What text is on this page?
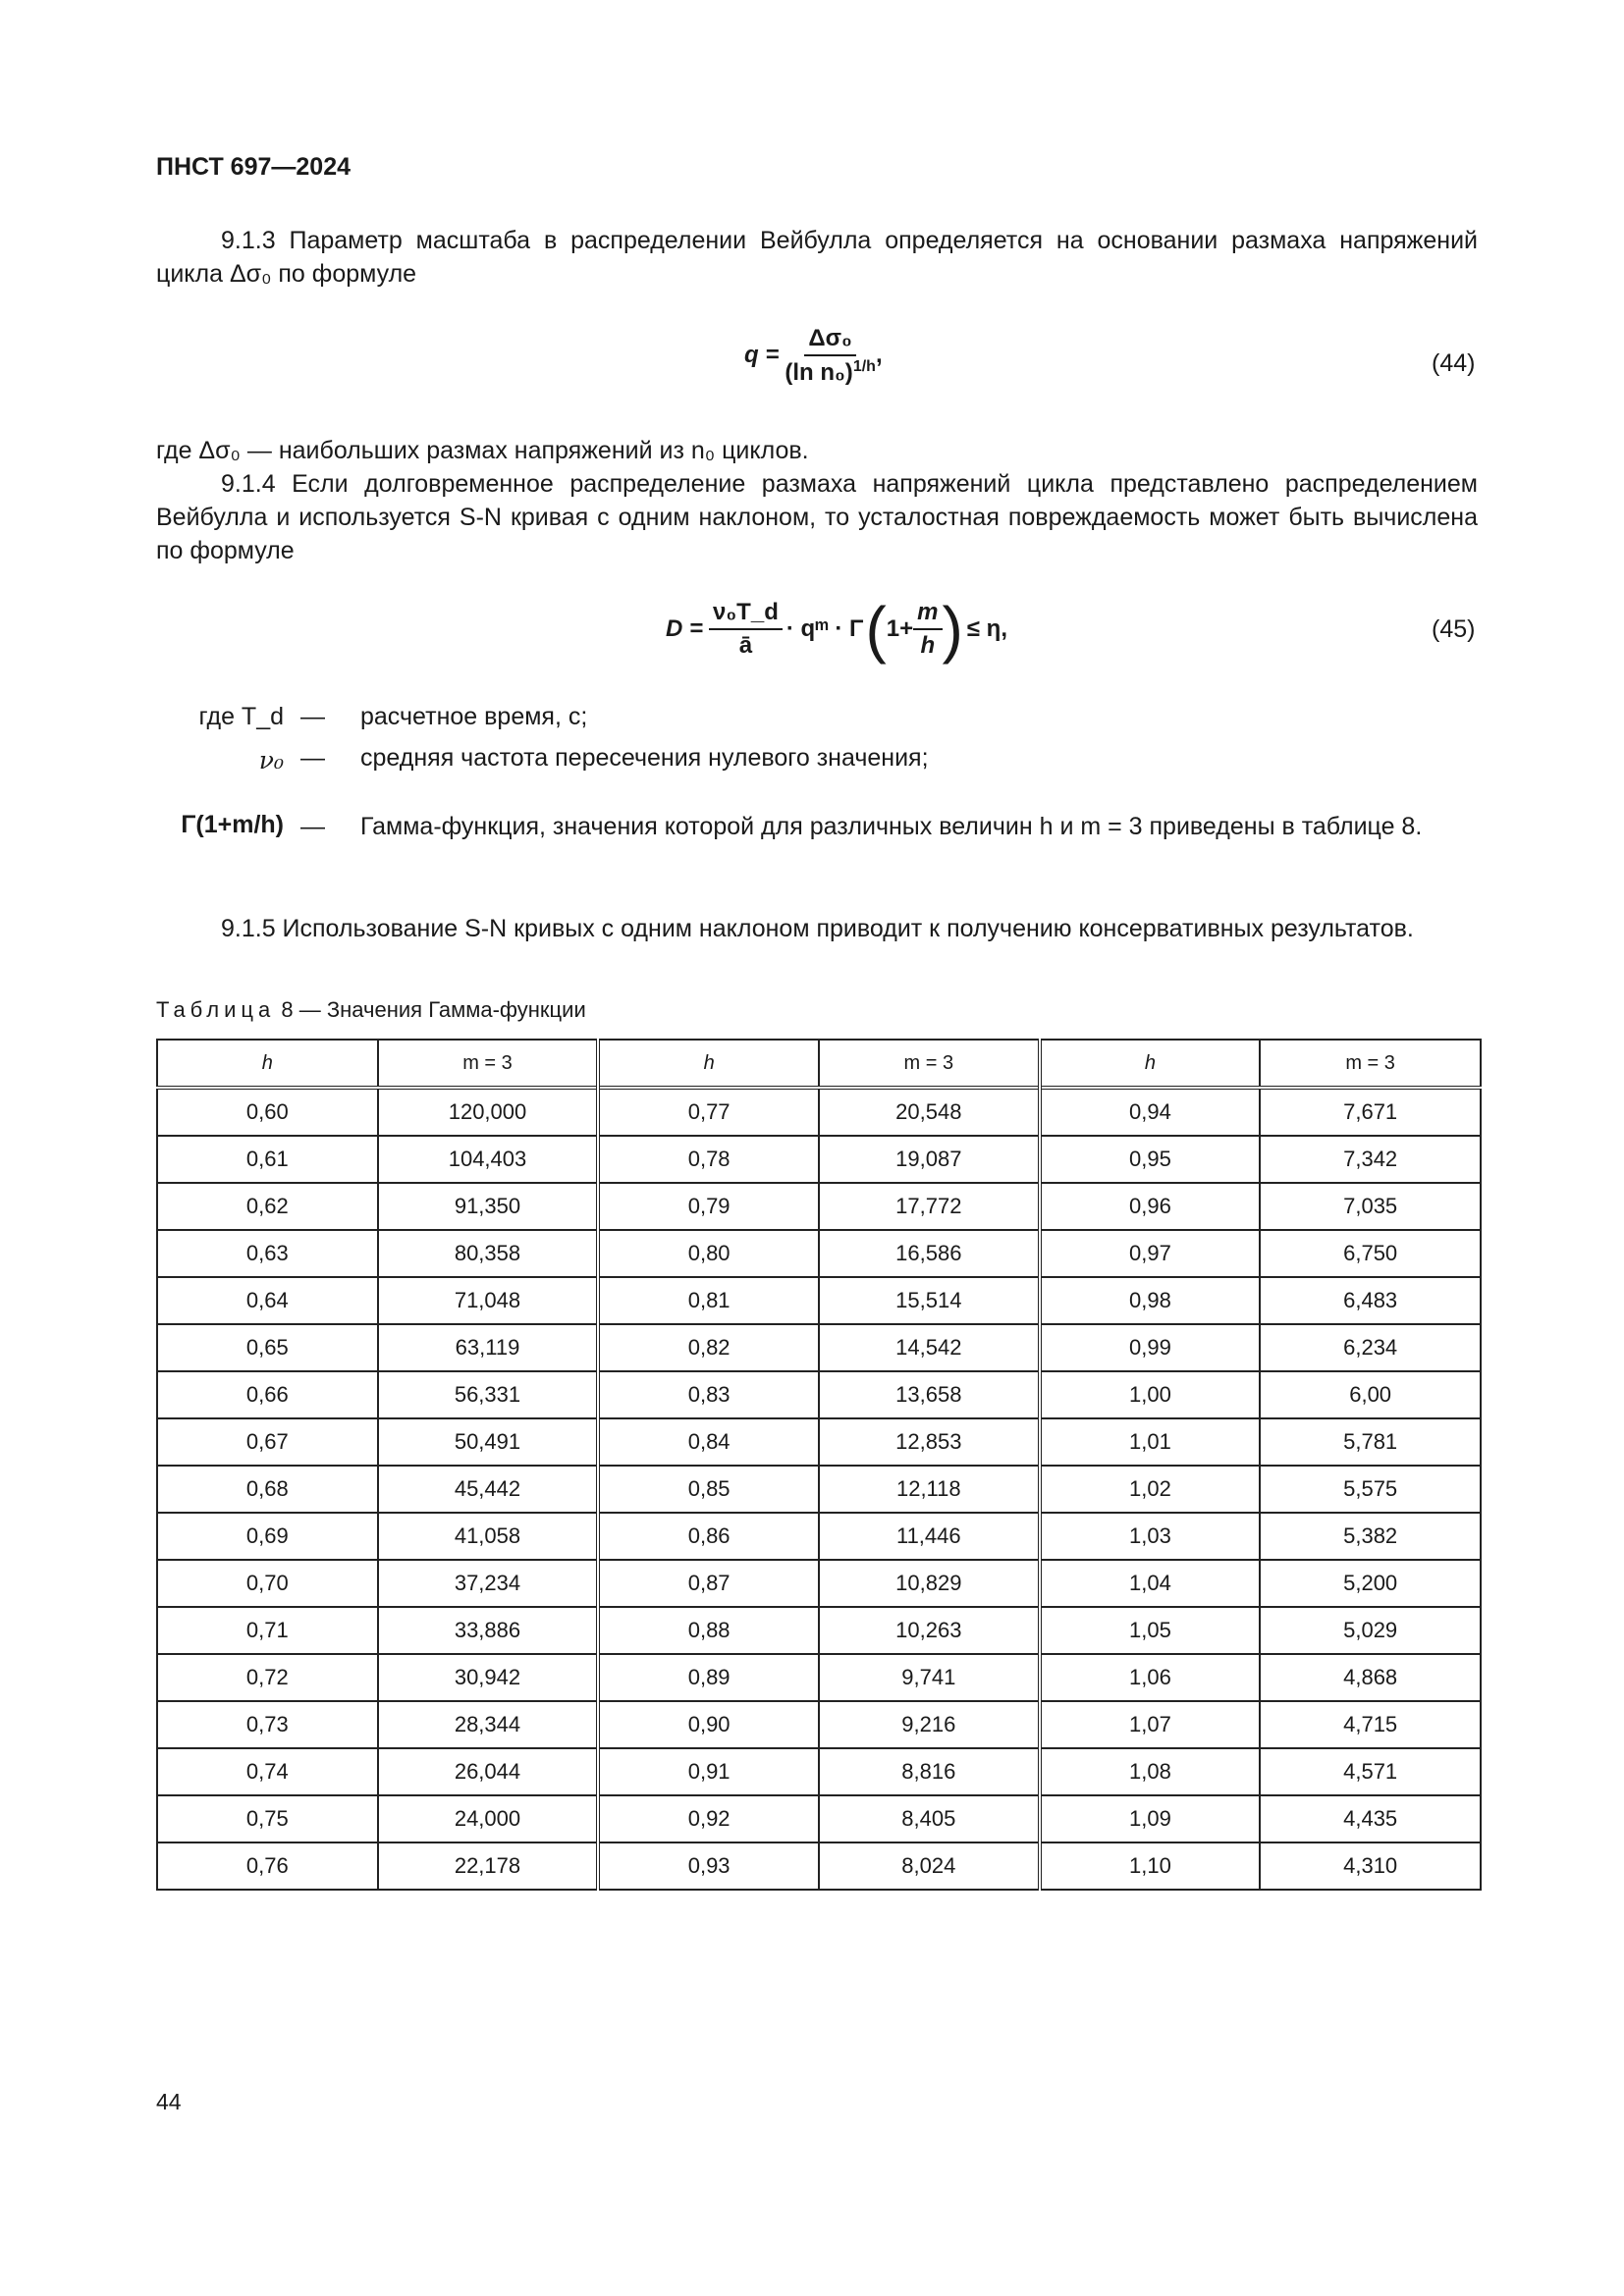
ПНСТ 697—2024
9.1.3 Параметр масштаба в распределении Вейбулла определяется на основании размаха напряжений цикла Δσ₀ по формуле
$q = \frac{\text{Δσ₀}}{(\ln n_0)^{1/h}}$ ,	(44)
где Δσ₀ — наибольших размах напряжений из n₀ циклов.
9.1.4 Если долговременное распределение размаха напряжений цикла представлено распределением Вейбулла и используется S-N кривая с одним наклоном, то усталостная повреждаемость может быть вычислена по формуле
$D = \frac{\text{ν₀T\_d}}{ā}$ · qᵐ · Γ ( $1+ \frac{m}{h}$ ) ≤ η,	(45)
где T_d — расчетное время, с;
ν₀ — средняя частота пересечения нулевого значения;
Γ(1+m/h) — Гамма-функция, значения которой для различных величин h и m = 3 приведены в таблице 8.
9.1.5 Использование S-N кривых с одним наклоном приводит к получению консервативных результатов.
Таблица 8 — Значения Гамма-функции
h	m = 3	h	m = 3	h	m = 3
0,60	120,000	0,77	20,548	0,94	7,671
0,61	104,403	0,78	19,087	0,95	7,342
0,62	91,350	0,79	17,772	0,96	7,035
0,63	80,358	0,80	16,586	0,97	6,750
0,64	71,048	0,81	15,514	0,98	6,483
0,65	63,119	0,82	14,542	0,99	6,234
0,66	56,331	0,83	13,658	1,00	6,00
0,67	50,491	0,84	12,853	1,01	5,781
0,68	45,442	0,85	12,118	1,02	5,575
0,69	41,058	0,86	11,446	1,03	5,382
0,70	37,234	0,87	10,829	1,04	5,200
0,71	33,886	0,88	10,263	1,05	5,029
0,72	30,942	0,89	9,741	1,06	4,868
0,73	28,344	0,90	9,216	1,07	4,715
0,74	26,044	0,91	8,816	1,08	4,571
0,75	24,000	0,92	8,405	1,09	4,435
0,76	22,178	0,93	8,024	1,10	4,310
44
